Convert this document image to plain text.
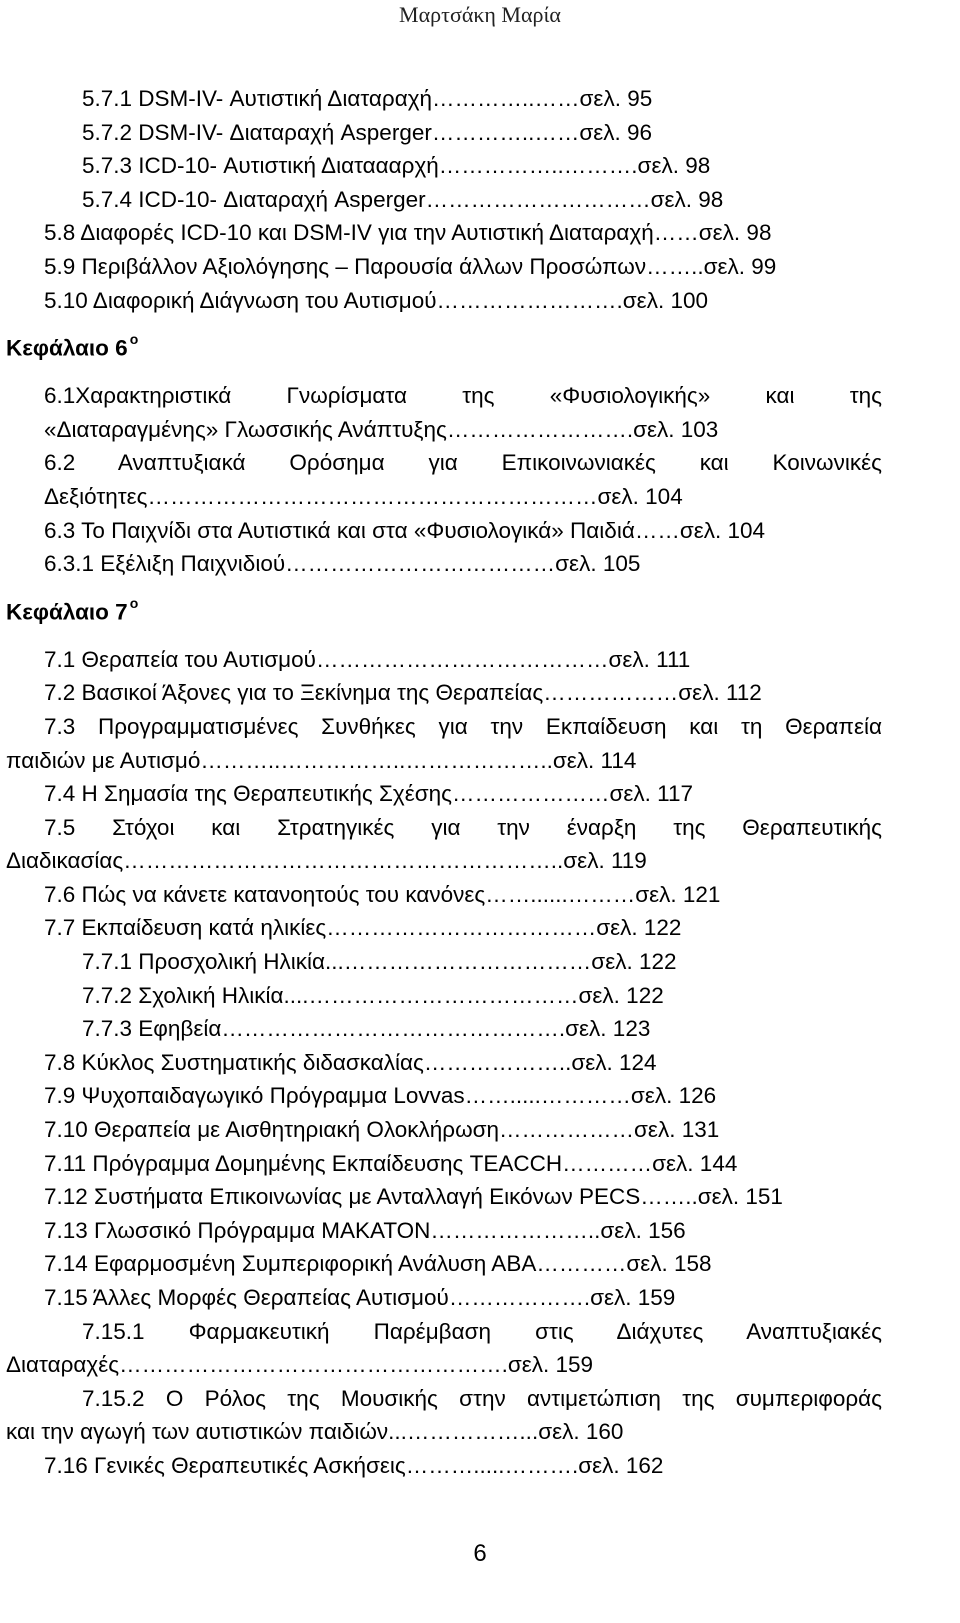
Μαρτσάκη Μαρία
5.7.1 DSM-IV- Αυτιστική Διαταραχή…………..……σελ. 95
5.7.2 DSM-IV- Διαταραχή Asperger…………..……σελ. 96
5.7.3 ICD-10- Αυτιστική Διαταααρχή……………..……….σελ. 98
5.7.4 ICD-10- Διαταραχή Asperger…………………………σελ. 98
5.8 Διαφορές ICD-10 και DSM-IV για την Αυτιστική Διαταραχή……σελ. 98
5.9 Περιβάλλον Αξιολόγησης – Παρουσία άλλων Προσώπων……..σελ. 99
5.10 Διαφορική Διάγνωση του Αυτισμού…………………….σελ. 100
Κεφάλαιο 6 $^o$
6.1Χαρακτηριστικά Γνωρίσματα της «Φυσιολογικής» και της
«Διαταραγμένης» Γλωσσικής Ανάπτυξης…………………….σελ. 103
6.2 Αναπτυξιακά Ορόσημα για Επικοινωνιακές και Κοινωνικές
Δεξιότητες……………………………………………………σελ. 104
6.3 Το Παιχνίδι στα Αυτιστικά και στα «Φυσιολογικά» Παιδιά……σελ. 104
6.3.1 Εξέλιξη Παιχνιδιού………………………………σελ. 105
Κεφάλαιο 7 $^o$
7.1 Θεραπεία του Αυτισμού…………………………………σελ. 111
7.2 Βασικοί Άξονες για το Ξεκίνημα της Θεραπείας………………σελ. 112
7.3 Προγραμματισμένες Συνθήκες για την Εκπαίδευση και τη Θεραπεία
παιδιών με Αυτισμό………..……………..………………..σελ. 114
7.4 Η Σημασία της Θεραπευτικής Σχέσης…………………σελ. 117
7.5 Στόχοι και Στρατηγικές για την έναρξη της Θεραπευτικής
Διαδικασίας…………………………………………………..σελ. 119
7.6 Πώς να κάνετε κατανοητούς του κανόνες……......………σελ. 121
7.7 Εκπαίδευση κατά ηλικίες………………………………σελ. 122
7.7.1 Προσχολική Ηλικία...……………………………σελ. 122
7.7.2 Σχολική Ηλικία....………………………………σελ. 122
7.7.3 Εφηβεία……………………………………….σελ. 123
7.8 Κύκλος Συστηματικής διδασκαλίας………………..σελ. 124
7.9 Ψυχοπαιδαγωγικό Πρόγραμμα Lovvas…….....…………σελ. 126
7.10 Θεραπεία με Αισθητηριακή Ολοκλήρωση………………σελ. 131
7.11 Πρόγραμμα Δομημένης Εκπαίδευσης TEACCH…………σελ. 144
7.12 Συστήματα Επικοινωνίας με Ανταλλαγή Εικόνων PECS……..σελ. 151
7.13 Γλωσσικό Πρόγραμμα ΜΑΚΑΤΟΝ…………………..σελ. 156
7.14 Εφαρμοσμένη Συμπεριφορική Ανάλυση ΑΒΑ…………σελ. 158
7.15 Άλλες Μορφές Θεραπείας Αυτισμού……………….σελ. 159
7.15.1 Φαρμακευτική Παρέμβαση στις Διάχυτες Αναπτυξιακές
Διαταραχές…………………………………………….σελ. 159
7.15.2 Ο Ρόλος της Μουσικής στην αντιμετώπιση της συμπεριφοράς
και την αγωγή των αυτιστικών παιδιών...……………...σελ. 160
7.16 Γενικές Θεραπευτικές Ασκήσεις……….....……….σελ. 162
6
